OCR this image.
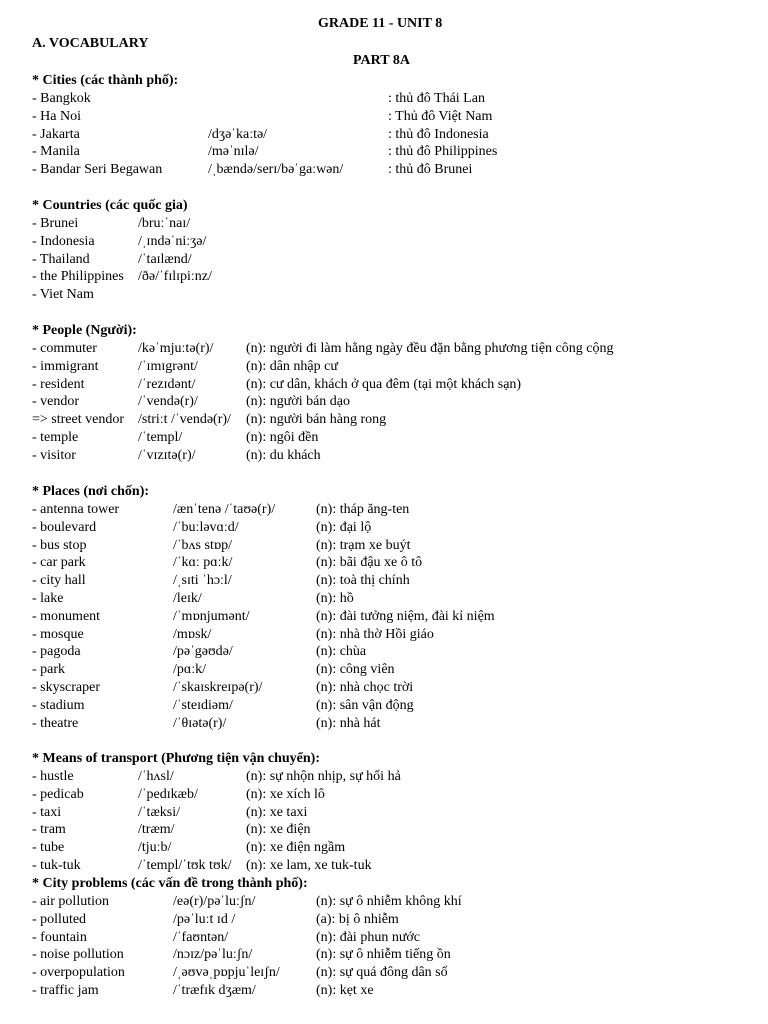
GRADE 11 - UNIT 8
A. VOCABULARY
PART 8A
* Cities (các thành phố):
- Bangkok	: thủ đô Thái Lan
- Ha Noi	: Thủ đô Việt Nam
- Jakarta	/dʒəˈkaːtə/	: thủ đô Indonesia
- Manila	/məˈnɪlə/	: thủ đô Philippines
- Bandar Seri Begawan	/ˌbændə/serɪ/bəˈgaːwən/	: thủ đô Brunei
* Countries (các quốc gia)
- Brunei	/bruːˈnaɪ/
- Indonesia	/ˌɪndəˈniːʒə/
- Thailand	/ˈtaɪlænd/
- the Philippines /ðə/ˈfɪlɪpiːnz/
- Viet Nam
* People (Người):
- commuter	/kəˈmjuːtə(r)/ (n): người đi làm hằng ngày đều đặn bằng phương tiện công cộng
- immigrant	/ˈɪmɪgrənt/	(n): dân nhập cư
- resident	/ˈrezɪdənt/	(n): cư dân, khách ở qua đêm (tại một khách sạn)
- vendor	/ˈvendə(r)/	(n): người bán dạo
=> street vendor /striːt /ˈvendə(r)/ (n): người bán hàng rong
- temple	/ˈtempl/	(n): ngôi đền
- visitor	/ˈvɪzɪtə(r)/	(n): du khách
* Places (nơi chốn):
- antenna tower	/ænˈtenə /ˈtaʊə(r)/	(n): tháp ăng-ten
- boulevard	/ˈbuːləvɑːd/	(n): đại lộ
- bus stop	/ˈbʌs stɒp/	(n): trạm xe buýt
- car park	/ˈkɑː pɑːk/	(n): bãi đậu xe ô tô
- city hall	/ˌsɪti ˈhɔːl/	(n): toà thị chính
- lake	/leɪk/	(n): hồ
- monument	/ˈmɒnjumənt/	(n): đài tưởng niệm, đài kỉ niệm
- mosque	/mɒsk/	(n): nhà thờ Hồi giáo
- pagoda	/pəˈgəʊdə/	(n): chùa
- park	/pɑːk/	(n): công viên
- skyscraper	/ˈskaɪskreɪpə(r)/	(n): nhà chọc trời
- stadium	/ˈsteɪdiəm/	(n): sân vận động
- theatre	/ˈθɪətə(r)/	(n): nhà hát
* Means of transport (Phương tiện vận chuyển):
- hustle	/ˈhʌsl/	(n): sự nhộn nhịp, sự hối hả
- pedicab	/ˈpedɪkæb/	(n): xe xích lô
- taxi	/ˈtæksi/	(n): xe taxi
- tram	/træm/	(n): xe điện
- tube	/tjuːb/	(n): xe điện ngầm
- tuk-tuk	/ˈtempl/ˈtʊk tʊk/ (n): xe lam, xe tuk-tuk
* City problems (các vấn đề trong thành phố):
- air pollution	/eə(r)/pəˈluːʃn/	(n): sự ô nhiễm không khí
- polluted	/pəˈluːt ɪd /	(a): bị ô nhiễm
- fountain	/ˈfaʊntən/	(n): đài phun nước
- noise pollution	/nɔɪz/pəˈluːʃn/	(n): sự ô nhiễm tiếng ồn
- overpopulation	/ˌəʊvəˌpɒpjuˈleɪʃn/	(n): sự quá đông dân số
- traffic jam	/ˈtræfɪk dʒæm/	(n): kẹt xe
